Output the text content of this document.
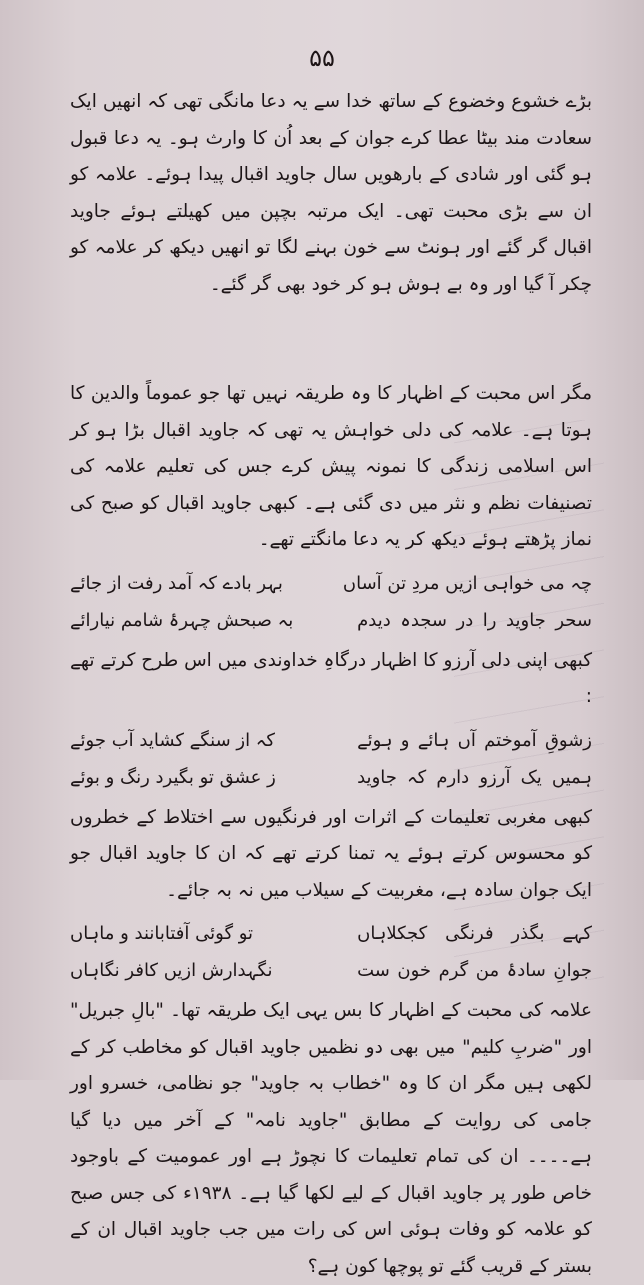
۵۵

بڑے خشوع وخضوع کے ساتھ خدا سے یہ دعا مانگی تھی کہ انھیں ایک سعادت مند بیٹا عطا کرے جوان کے بعد اُن کا وارث ہو۔ یہ دعا قبول ہو گئی اور شادی کے بارھویں سال جاوید اقبال پیدا ہوئے۔ علامہ کو ان سے بڑی محبت تھی۔ ایک مرتبہ بچپن میں کھیلتے ہوئے جاوید اقبال گر گئے اور ہونٹ سے خون بہنے لگا تو انھیں دیکھ کر علامہ کو چکر آ گیا اور وہ بے ہوش ہو کر خود بھی گر گئے۔

مگر اس محبت کے اظہار کا وہ طریقہ نہیں تھا جو عموماً والدین کا ہوتا ہے۔ علامہ کی دلی خواہش یہ تھی کہ جاوید اقبال بڑا ہو کر اس اسلامی زندگی کا نمونہ پیش کرے جس کی تعلیم علامہ کی تصنیفات نظم و نثر میں دی گئی ہے۔ کبھی جاوید اقبال کو صبح کی نماز پڑھتے ہوئے دیکھ کر یہ دعا مانگتے تھے۔

چہ می خواہی ازیں مردِ تن آساں
بہر بادے کہ آمد رفت از جائے
سحر جاوید را در سجدہ دیدم
بہ صبحش چہرۂ شامم نیارائے

کبھی اپنی دلی آرزو کا اظہار درگاہِ خداوندی میں اس طرح کرتے تھے :

زشوقِ آموختم آں ہائے و ہوئے
کہ از سنگے کشاید آب جوئے
ہمیں یک آرزو دارم کہ جاوید
ز عشق تو بگیرد رنگ و بوئے

کبھی مغربی تعلیمات کے اثرات اور فرنگیوں سے اختلاط کے خطروں کو محسوس کرتے ہوئے یہ تمنا کرتے تھے کہ ان کا جاوید اقبال جو ایک جوان سادہ ہے، مغربیت کے سیلاب میں نہ بہ جائے۔

کہے بگذر فرنگی کجکلاہاں
تو گوئی آفتابانند و ماہاں
جوانِ سادۂ من گرم خون ست
نگہدارش ازیں کافر نگاہاں

علامہ کی محبت کے اظہار کا بس یہی ایک طریقہ تھا۔ "بالِ جبریل" اور "ضربِ کلیم" میں بھی دو نظمیں جاوید اقبال کو مخاطب کر کے لکھی ہیں مگر ان کا وہ "خطاب بہ جاوید" جو نظامی، خسرو اور جامی کی روایت کے مطابق "جاوید نامہ" کے آخر میں دیا گیا ہے۔۔۔۔ ان کی تمام تعلیمات کا نچوڑ ہے اور عمومیت کے باوجود خاص طور پر جاوید اقبال کے لیے لکھا گیا ہے۔ ۱۹۳۸ء کی جس صبح کو علامہ کو وفات ہوئی اس کی رات میں جب جاوید اقبال ان کے بستر کے قریب گئے تو پوچھا کون ہے؟
